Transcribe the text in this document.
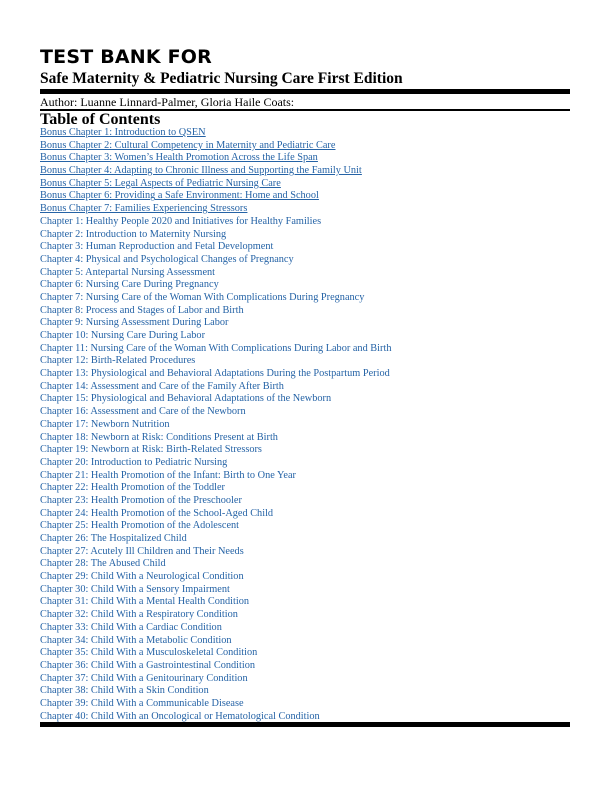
TEST BANK FOR
Safe Maternity & Pediatric Nursing Care First Edition
Author: Luanne Linnard-Palmer, Gloria Haile Coats:
Table of Contents
Bonus Chapter 1: Introduction to QSEN
Bonus Chapter 2: Cultural Competency in Maternity and Pediatric Care
Bonus Chapter 3: Women’s Health Promotion Across the Life Span
Bonus Chapter 4: Adapting to Chronic Illness and Supporting the Family Unit
Bonus Chapter 5: Legal Aspects of Pediatric Nursing Care
Bonus Chapter 6: Providing a Safe Environment: Home and School
Bonus Chapter 7: Families Experiencing Stressors
Chapter 1: Healthy People 2020 and Initiatives for Healthy Families
Chapter 2: Introduction to Maternity Nursing
Chapter 3: Human Reproduction and Fetal Development
Chapter 4: Physical and Psychological Changes of Pregnancy
Chapter 5: Antepartal Nursing Assessment
Chapter 6: Nursing Care During Pregnancy
Chapter 7: Nursing Care of the Woman With Complications During Pregnancy
Chapter 8: Process and Stages of Labor and Birth
Chapter 9: Nursing Assessment During Labor
Chapter 10: Nursing Care During Labor
Chapter 11: Nursing Care of the Woman With Complications During Labor and Birth
Chapter 12: Birth-Related Procedures
Chapter 13: Physiological and Behavioral Adaptations During the Postpartum Period
Chapter 14: Assessment and Care of the Family After Birth
Chapter 15: Physiological and Behavioral Adaptations of the Newborn
Chapter 16: Assessment and Care of the Newborn
Chapter 17: Newborn Nutrition
Chapter 18: Newborn at Risk: Conditions Present at Birth
Chapter 19: Newborn at Risk: Birth-Related Stressors
Chapter 20: Introduction to Pediatric Nursing
Chapter 21: Health Promotion of the Infant: Birth to One Year
Chapter 22: Health Promotion of the Toddler
Chapter 23: Health Promotion of the Preschooler
Chapter 24: Health Promotion of the School-Aged Child
Chapter 25: Health Promotion of the Adolescent
Chapter 26: The Hospitalized Child
Chapter 27: Acutely Ill Children and Their Needs
Chapter 28: The Abused Child
Chapter 29: Child With a Neurological Condition
Chapter 30: Child With a Sensory Impairment
Chapter 31: Child With a Mental Health Condition
Chapter 32: Child With a Respiratory Condition
Chapter 33: Child With a Cardiac Condition
Chapter 34: Child With a Metabolic Condition
Chapter 35: Child With a Musculoskeletal Condition
Chapter 36: Child With a Gastrointestinal Condition
Chapter 37: Child With a Genitourinary Condition
Chapter 38: Child With a Skin Condition
Chapter 39: Child With a Communicable Disease
Chapter 40: Child With an Oncological or Hematological Condition
